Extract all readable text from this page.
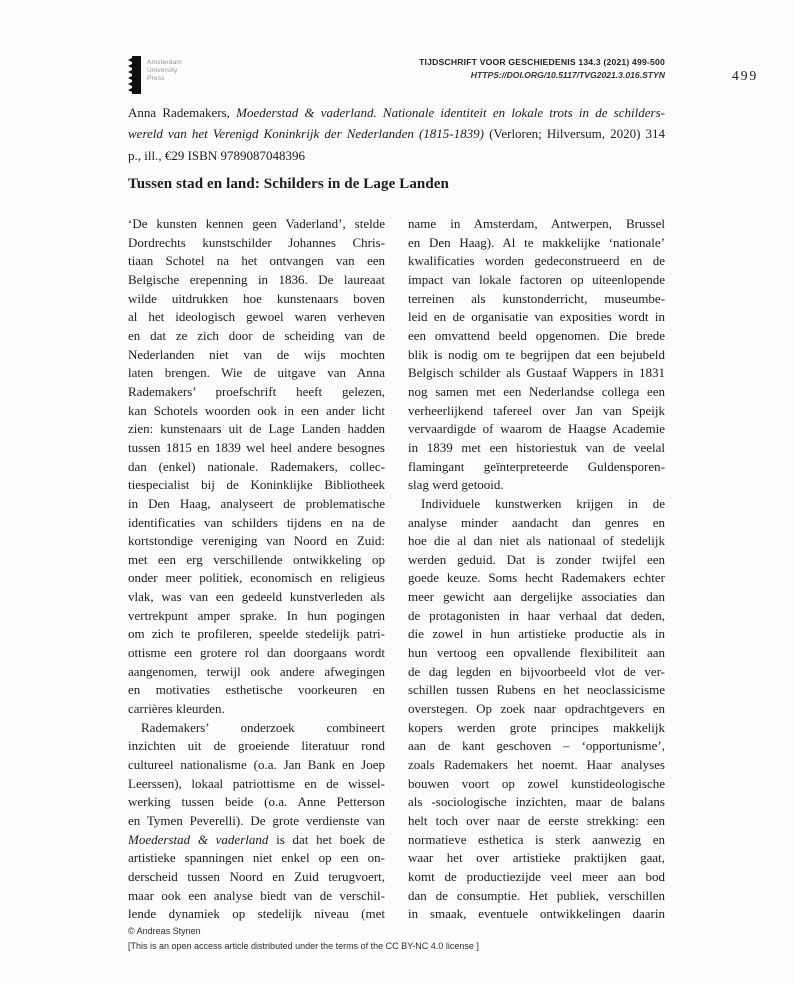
Amsterdam
University
Press
TIJDSCHRIFT VOOR GESCHIEDENIS 134.3 (2021) 499-500
HTTPS://DOI.ORG/10.5117/TVG2021.3.016.STYN	499
Anna Rademakers, Moederstad & vaderland. Nationale identiteit en lokale trots in de schilders-
wereld van het Verenigd Koninkrijk der Nederlanden (1815-1839) (Verloren; Hilversum, 2020) 314
p., ill., €29 ISBN 9789087048396
Tussen stad en land: Schilders in de Lage Landen
‘De kunsten kennen geen Vaderland’, stelde
Dordrechts kunstschilder Johannes Chris-
tiaan Schotel na het ontvangen van een
Belgische erepenning in 1836. De laureaat
wilde uitdrukken hoe kunstenaars boven
al het ideologisch gewoel waren verheven
en dat ze zich door de scheiding van de
Nederlanden niet van de wijs mochten
laten brengen. Wie de uitgave van Anna
Rademakers’ proefschrift heeft gelezen,
kan Schotels woorden ook in een ander licht
zien: kunstenaars uit de Lage Landen hadden
tussen 1815 en 1839 wel heel andere besognes
dan (enkel) nationale. Rademakers, collec-
tiespecialist bij de Koninklijke Bibliotheek
in Den Haag, analyseert de problematische
identificaties van schilders tijdens en na de
kortstondige vereniging van Noord en Zuid:
met een erg verschillende ontwikkeling op
onder meer politiek, economisch en religieus
vlak, was van een gedeeld kunstverleden als
vertrekpunt amper sprake. In hun pogingen
om zich te profileren, speelde stedelijk patri-
ottisme een grotere rol dan doorgaans wordt
aangenomen, terwijl ook andere afwegingen
en motivaties esthetische voorkeuren en
carrières kleurden.
Rademakers’ onderzoek combineert
inzichten uit de groeiende literatuur rond
cultureel nationalisme (o.a. Jan Bank en Joep
Leerssen), lokaal patriottisme en de wissel-
werking tussen beide (o.a. Anne Petterson
en Tymen Peverelli). De grote verdienste van
Moederstad & vaderland is dat het boek de
artistieke spanningen niet enkel op een on-
derscheid tussen Noord en Zuid terugvoert,
maar ook een analyse biedt van de verschil-
lende dynamiek op stedelijk niveau (met
name in Amsterdam, Antwerpen, Brussel
en Den Haag). Al te makkelijke ‘nationale’
kwalificaties worden gedeconstrueerd en de
impact van lokale factoren op uiteenlopende
terreinen als kunstonderricht, museumbe-
leid en de organisatie van exposities wordt in
een omvattend beeld opgenomen. Die brede
blik is nodig om te begrijpen dat een bejubeld
Belgisch schilder als Gustaaf Wappers in 1831
nog samen met een Nederlandse collega een
verheerlijkend tafereel over Jan van Speijk
vervaardigde of waarom de Haagse Academie
in 1839 met een historiestuk van de veelal
flamingant geïnterpreteerde Guldensporen-
slag werd getooid.
Individuele kunstwerken krijgen in de
analyse minder aandacht dan genres en
hoe die al dan niet als nationaal of stedelijk
werden geduid. Dat is zonder twijfel een
goede keuze. Soms hecht Rademakers echter
meer gewicht aan dergelijke associaties dan
de protagonisten in haar verhaal dat deden,
die zowel in hun artistieke productie als in
hun vertoog een opvallende flexibiliteit aan
de dag legden en bijvoorbeeld vlot de ver-
schillen tussen Rubens en het neoclassicisme
overstegen. Op zoek naar opdrachtgevers en
kopers werden grote principes makkelijk
aan de kant geschoven – ‘opportunisme’,
zoals Rademakers het noemt. Haar analyses
bouwen voort op zowel kunstideologische
als -sociologische inzichten, maar de balans
helt toch over naar de eerste strekking: een
normatieve esthetica is sterk aanwezig en
waar het over artistieke praktijken gaat,
komt de productiezijde veel meer aan bod
dan de consumptie. Het publiek, verschillen
in smaak, eventuele ontwikkelingen daarin
© Andreas Stynen
[This is an open access article distributed under the terms of the CC BY-NC 4.0 license ]
